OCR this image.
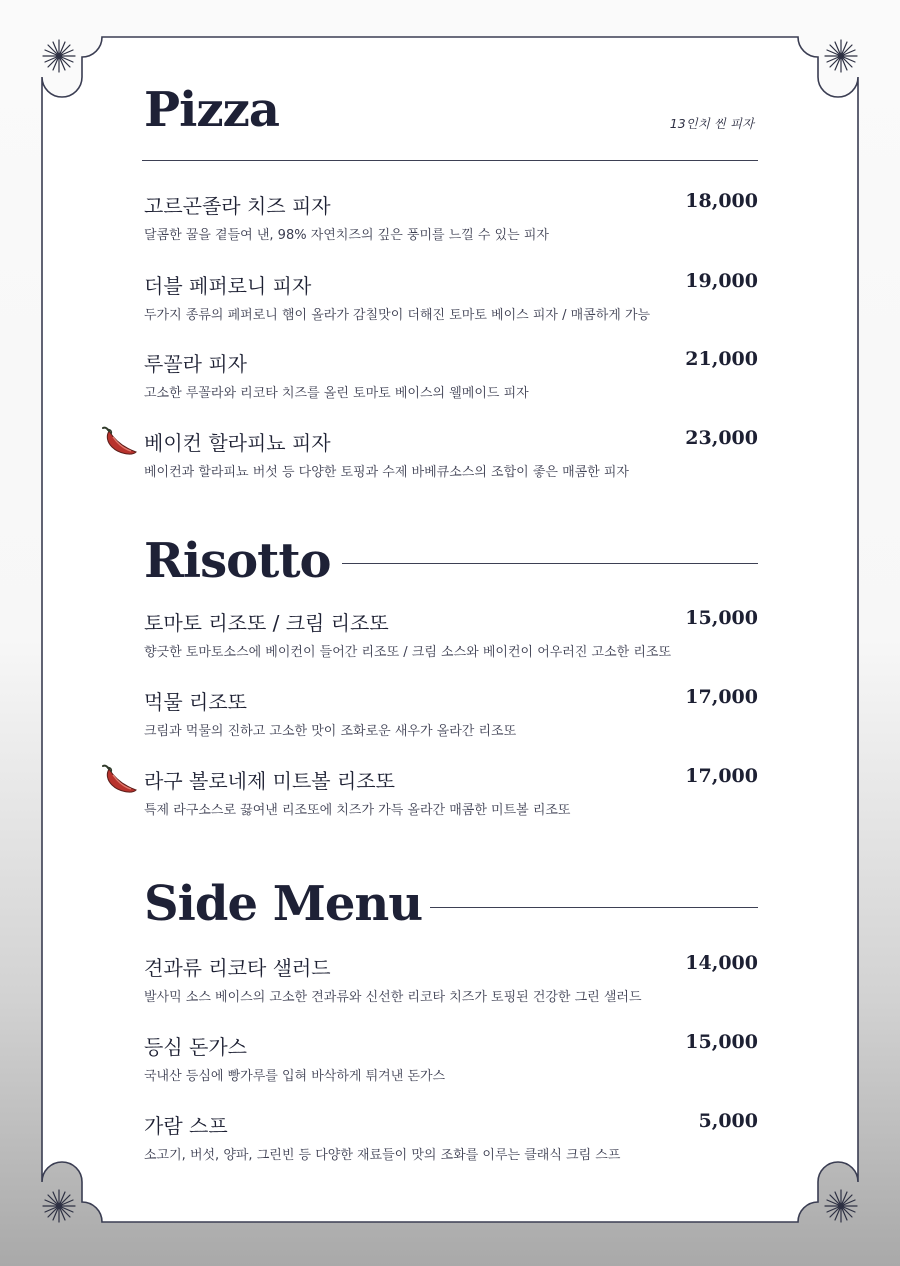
Pizza	13인치 씬 피자
고르곤졸라 치즈 피자	18,000
달콤한 꿀을 곁들여 낸, 98% 자연치즈의 깊은 풍미를 느낄 수 있는 피자
더블 페퍼로니 피자	19,000
두가지 종류의 페퍼로니 햄이 올라가 감칠맛이 더해진 토마토 베이스 피자 / 매콤하게 가능
루꼴라 피자	21,000
고소한 루꼴라와 리코타 치즈를 올린 토마토 베이스의 웰메이드 피자
베이컨 할라피뇨 피자	23,000
베이컨과 할라피뇨 버섯 등 다양한 토핑과 수제 바베큐소스의 조합이 좋은 매콤한 피자
Risotto
토마토 리조또 / 크림 리조또	15,000
향긋한 토마토소스에 베이컨이 들어간 리조또 / 크림 소스와 베이컨이 어우러진 고소한 리조또
먹물 리조또	17,000
크림과 먹물의 진하고 고소한 맛이 조화로운 새우가 올라간 리조또
라구 볼로네제 미트볼 리조또	17,000
특제 라구소스로 끓여낸 리조또에 치즈가 가득 올라간 매콤한 미트볼 리조또
Side Menu
견과류 리코타 샐러드	14,000
발사믹 소스 베이스의 고소한 견과류와 신선한 리코타 치즈가 토핑된 건강한 그린 샐러드
등심 돈가스	15,000
국내산 등심에 빵가루를 입혀 바삭하게 튀겨낸 돈가스
가람 스프	5,000
소고기, 버섯, 양파, 그린빈 등 다양한 재료들이 맛의 조화를 이루는 클래식 크림 스프
